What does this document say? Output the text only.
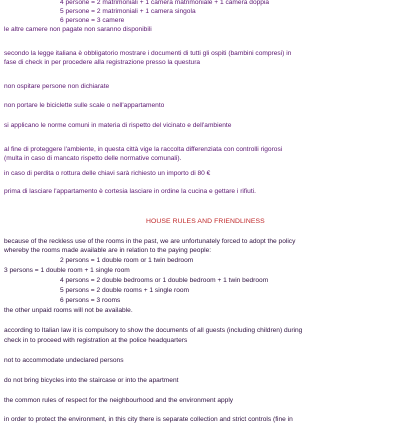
4 persone = 2 matrimoniali + 1 camera matrimoniale + 1 camera doppia
5 persone = 2 matrimoniali + 1 camera singola
6 persone = 3 camere
le altre camere non pagate non saranno disponibili
secondo la legge italiana è obbligatorio mostrare i documenti di tutti gli ospiti (bambini compresi) in
fase di check in per procedere alla registrazione presso la questura
non ospitare persone non dichiarate
non portare le biciclette sulle scale o nell'appartamento
si applicano le norme comuni in materia di rispetto del vicinato e dell'ambiente
al fine di proteggere l'ambiente, in questa città vige la raccolta differenziata con controlli rigorosi
(multa in caso di mancato rispetto delle normative comunali).
in caso di perdita o rottura delle chiavi sarà richiesto un importo di 80 €
prima di lasciare l'appartamento è cortesia lasciare in ordine la cucina e gettare i rifiuti.
HOUSE RULES AND FRIENDLINESS
because of the reckless use of the rooms in the past, we are unfortunately forced to adopt the policy
whereby the rooms made available are in relation to the paying people:
2 persons = 1 double room or 1 twin bedroom
3 persons = 1 double room + 1 single room
4 persons = 2 double bedrooms or 1 double bedroom + 1 twin bedroom
5 persons = 2 double rooms + 1 single room
6 persons = 3 rooms
the other unpaid rooms will not be available.
according to Italian law it is compulsory to show the documents of all guests (including children) during
check in to proceed with registration at the police headquarters
not to accommodate undeclared persons
do not bring bicycles into the staircase or into the apartment
the common rules of respect for the neighbourhood and the environment apply
in order to protect the environment, in this city there is separate collection and strict controls (fine in
